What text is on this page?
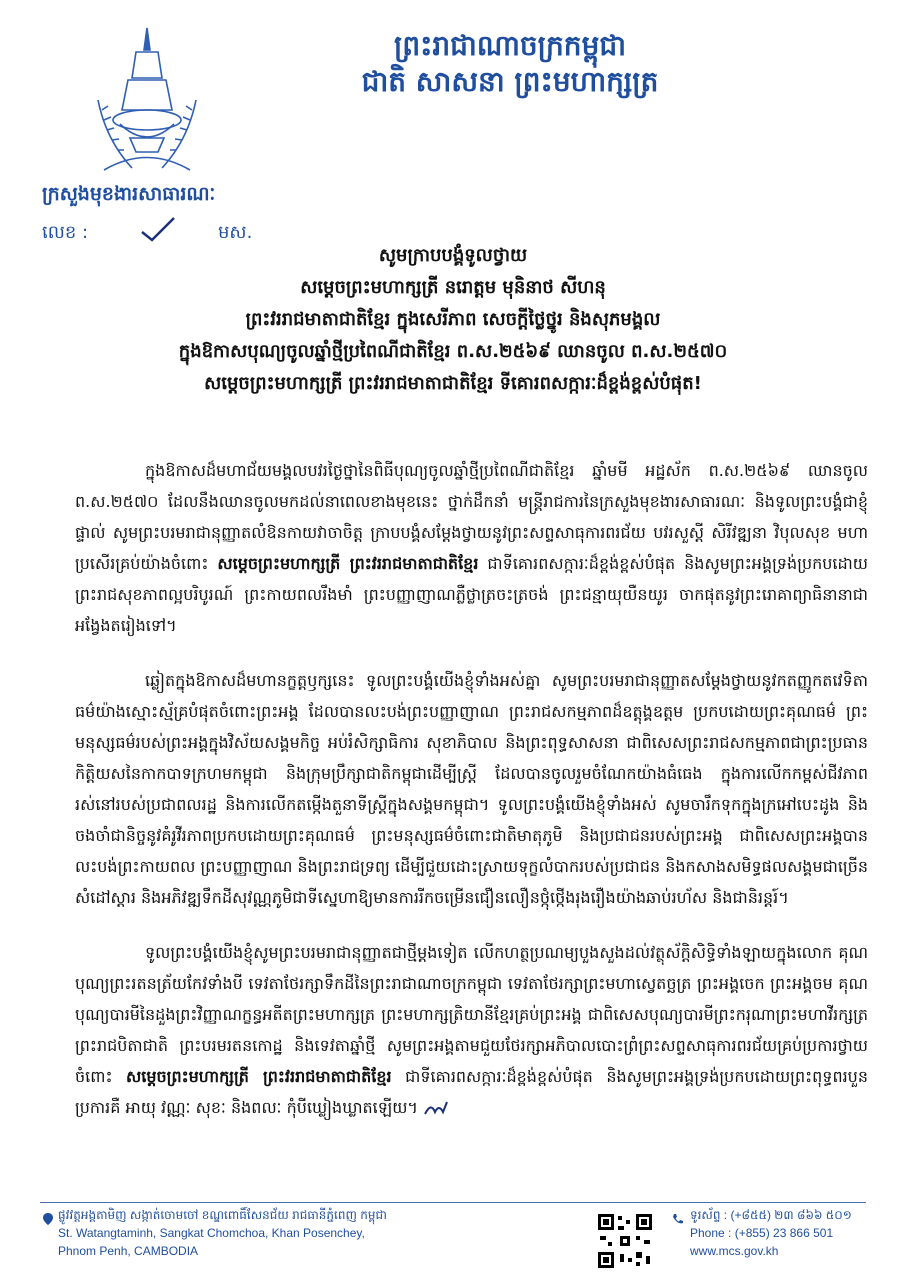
ព្រះរាជាណាចក្រកម្ពុជា
ជាតិ សាសនា ព្រះមហាក្សត្រ
ក្រសួងមុខងារសាធារណៈ
លេខ :	មស.
សូមក្រាបបង្គំទូលថ្វាយ
សម្តេចព្រះមហាក្សត្រី នរោត្តម មុនិនាថ សីហនុ
ព្រះវររាជមាតាជាតិខ្មែរ ក្នុងសេរីភាព សេចក្តីថ្លៃថ្នូរ និងសុភមង្គល
ក្នុងឱកាសបុណ្យចូលឆ្នាំថ្មីប្រពៃណីជាតិខ្មែរ ព.ស.២៥៦៩ ឈានចូល ព.ស.២៥៧០
សម្តេចព្រះមហាក្សត្រី ព្រះវររាជមាតាជាតិខ្មែរ ទីគោរពសក្ការៈដ៏ខ្ពង់ខ្ពស់បំផុត!

ក្នុងឱកាសដ៏មហាជ័យមង្គលបវរថ្ងៃថ្នានៃពិធីបុណ្យចូលឆ្នាំថ្មីប្រពៃណីជាតិខ្មែរ ឆ្នាំមមី អដ្ឋស័ក ព.ស.២៥៦៩ ឈានចូល ព.ស.២៥៧០ ដែលនឹងឈានចូលមកដល់នាពេលខាងមុខនេះ ថ្នាក់ដឹកនាំ មន្ត្រីរាជការនៃក្រសួងមុខងារសាធារណៈ និងទូលព្រះបង្គំជាខ្ញុំផ្ទាល់ សូមព្រះបរមរាជានុញ្ញាតលំឱនកាយវាចាចិត្ត ក្រាបបង្គំសម្តែងថ្វាយនូវព្រះសព្ទសាធុការពរជ័យ បវរសួស្តី សិរីវឌ្ឍនា វិបុលសុខ មហាប្រសើរគ្រប់យ៉ាងចំពោះ សម្តេចព្រះមហាក្សត្រី ព្រះវររាជមាតាជាតិខ្មែរ ជាទីគោរពសក្ការៈដ៏ខ្ពង់ខ្ពស់បំផុត និងសូមព្រះអង្គទ្រង់ប្រកបដោយព្រះរាជសុខភាពល្អបរិបូរណ៍ ព្រះកាយពលរឹងមាំ ព្រះបញ្ញាញាណភ្លឺថ្លាត្រចះត្រចង់ ព្រះជន្មាយុយឺនយូរ ចាកផុតនូវព្រះរោគាព្យាធិនានាជាអង្វែងតរៀងទៅ។

ឆ្លៀតក្នុងឱកាសដ៏មហានក្ខត្តឫក្សនេះ ទូលព្រះបង្គំយើងខ្ញុំទាំងអស់គ្នា សូមព្រះបរមរាជានុញ្ញាតសម្តែងថ្វាយនូវកតញ្ញូកតវេទិតាធម៌យ៉ាងស្មោះស្ម័គ្របំផុតចំពោះព្រះអង្គ ដែលបានលះបង់ព្រះបញ្ញាញាណ ព្រះរាជសកម្មភាពដ៏ឧត្តុង្គឧត្តម ប្រកបដោយព្រះគុណធម៌ ព្រះមនុស្សធម៌របស់ព្រះអង្គក្នុងវិស័យសង្គមកិច្ច អប់រំសិក្សាធិការ សុខាភិបាល និងព្រះពុទ្ធសាសនា ជាពិសេសព្រះរាជសកម្មភាពជាព្រះប្រធានកិត្តិយសនៃកាកបាទក្រហមកម្ពុជា និងក្រុមប្រឹក្សាជាតិកម្ពុជាដើម្បីស្ត្រី ដែលបានចូលរួមចំណែកយ៉ាងធំធេង ក្នុងការលើកកម្ពស់ជីវភាពរស់នៅរបស់ប្រជាពលរដ្ឋ និងការលើកតម្កើងតួនាទីស្ត្រីក្នុងសង្គមកម្ពុជា។ ទូលព្រះបង្គំយើងខ្ញុំទាំងអស់ សូមចារឹកទុកក្នុងក្រអៅបេះដូង និងចងចាំជានិច្ចនូវគំរូវីរភាពប្រកបដោយព្រះគុណធម៌ ព្រះមនុស្សធម៌ចំពោះជាតិមាតុភូមិ និងប្រជាជនរបស់ព្រះអង្គ ជាពិសេសព្រះអង្គបានលះបង់ព្រះកាយពល ព្រះបញ្ញាញាណ និងព្រះរាជទ្រព្យ ដើម្បីជួយដោះស្រាយទុក្ខលំបាករបស់ប្រជាជន និងកសាងសមិទ្ធផលសង្គមជាច្រើន សំដៅស្តារ និងអភិវឌ្ឍទឹកដីសុវណ្ណភូមិជាទីស្នេហាឱ្យមានការរីកចម្រើនជឿនលឿនថ្កុំថ្កើងរុងរឿងយ៉ាងឆាប់រហ័ស និងជានិរន្តរ៍។

ទូលព្រះបង្គំយើងខ្ញុំសូមព្រះបរមរាជានុញ្ញាតជាថ្មីម្តងទៀត លើកហត្ថប្រណម្យបួងសួងដល់វត្ថុស័ក្តិសិទ្ធិទាំងឡាយក្នុងលោក គុណបុណ្យព្រះរតនត្រ័យកែវទាំងបី ទេវតាថែរក្សាទឹកដីនៃព្រះរាជាណាចក្រកម្ពុជា ទេវតាថែរក្សាព្រះមហាស្វេតច្ឆត្រ ព្រះអង្គចេក ព្រះអង្គចម គុណបុណ្យបារមីនៃដួងព្រះវិញ្ញាណក្ខន្ធអតីតព្រះមហាក្សត្រ ព្រះមហាក្សត្រិយានីខ្មែរគ្រប់ព្រះអង្គ ជាពិសេសបុណ្យបារមីព្រះករុណាព្រះមហាវីរក្សត្រព្រះរាជបិតាជាតិ ព្រះបរមរតនកោដ្ឋ និងទេវតាឆ្នាំថ្មី សូមព្រះអង្គតាមជួយថែរក្សាអភិបាលបោះព្រំព្រះសព្ទសាធុការពរជ័យគ្រប់ប្រការថ្វាយចំពោះ សម្តេចព្រះមហាក្សត្រី ព្រះវររាជមាតាជាតិខ្មែរ ជាទីគោរពសក្ការៈដ៏ខ្ពង់ខ្ពស់បំផុត និងសូមព្រះអង្គទ្រង់ប្រកបដោយព្រះពុទ្ធពរបួនប្រការគឺ អាយុ វណ្ណៈ សុខៈ និងពលៈ កុំបីឃ្លៀងឃ្លាតឡើយ។

ផ្លូវវត្តអង្គតាមិញ សង្កាត់ចោមចៅ ខណ្ឌពោធិ៍សែនជ័យ រាជធានីភ្នំពេញ កម្ពុជា
St. Watangtaminh, Sangkat Chomchoa, Khan Posenchey,
Phnom Penh, CAMBODIA
ទូរស័ព្ទ : (+៨៥៥) ២៣ ៨៦៦ ៥០១
Phone : (+855) 23 866 501
www.mcs.gov.kh
